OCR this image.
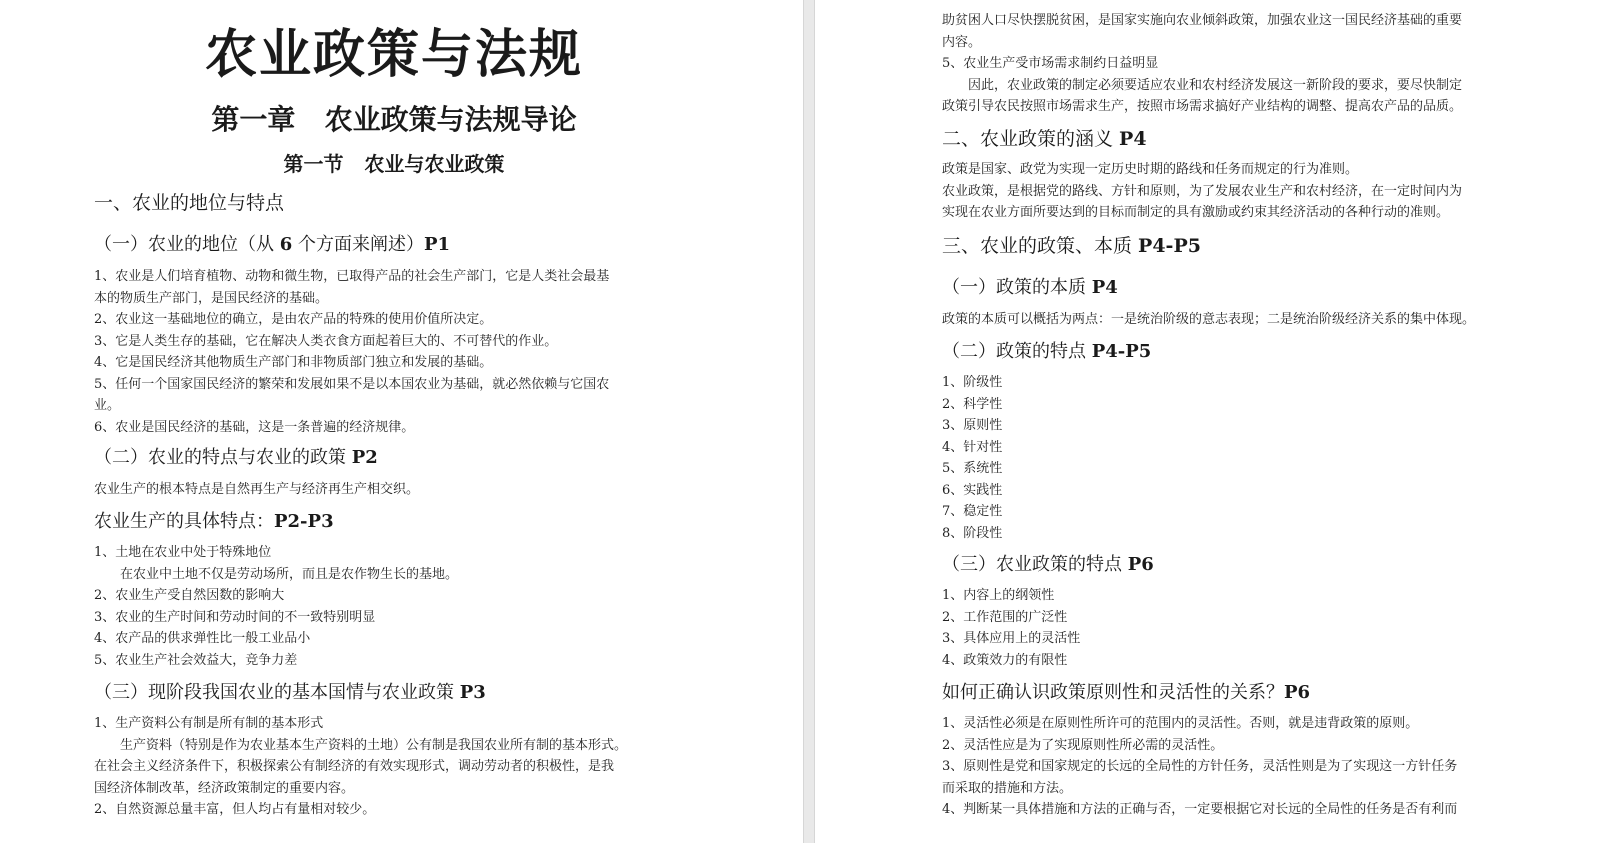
农业政策与法规
第一章   农业政策与法规导论
第一节   农业与农业政策
一、农业的地位与特点
（一）农业的地位（从 6 个方面来阐述）P1
1、农业是人们培育植物、动物和微生物，已取得产品的社会生产部门，它是人类社会最基
本的物质生产部门，是国民经济的基础。
2、农业这一基础地位的确立，是由农产品的特殊的使用价值所决定。
3、它是人类生存的基础，它在解决人类衣食方面起着巨大的、不可替代的作业。
4、它是国民经济其他物质生产部门和非物质部门独立和发展的基础。
5、任何一个国家国民经济的繁荣和发展如果不是以本国农业为基础，就必然依赖与它国农
业。
6、农业是国民经济的基础，这是一条普遍的经济规律。
（二）农业的特点与农业的政策 P2
农业生产的根本特点是自然再生产与经济再生产相交织。
农业生产的具体特点：P2-P3
1、土地在农业中处于特殊地位
在农业中土地不仅是劳动场所，而且是农作物生长的基地。
2、农业生产受自然因数的影响大
3、农业的生产时间和劳动时间的不一致特别明显
4、农产品的供求弹性比一般工业品小
5、农业生产社会效益大，竞争力差
（三）现阶段我国农业的基本国情与农业政策 P3
1、生产资料公有制是所有制的基本形式
生产资料（特别是作为农业基本生产资料的土地）公有制是我国农业所有制的基本形式。
在社会主义经济条件下，积极探索公有制经济的有效实现形式，调动劳动者的积极性，是我
国经济体制改革，经济政策制定的重要内容。
2、自然资源总量丰富，但人均占有量相对较少。
助贫困人口尽快摆脱贫困，是国家实施向农业倾斜政策，加强农业这一国民经济基础的重要
内容。
5、农业生产受市场需求制约日益明显
因此，农业政策的制定必须要适应农业和农村经济发展这一新阶段的要求，要尽快制定
政策引导农民按照市场需求生产，按照市场需求搞好产业结构的调整、提高农产品的品质。
二、农业政策的涵义 P4
政策是国家、政党为实现一定历史时期的路线和任务而规定的行为准则。
农业政策，是根据党的路线、方针和原则，为了发展农业生产和农村经济，在一定时间内为
实现在农业方面所要达到的目标而制定的具有激励或约束其经济活动的各种行动的准则。
三、农业的政策、本质 P4-P5
（一）政策的本质 P4
政策的本质可以概括为两点：一是统治阶级的意志表现；二是统治阶级经济关系的集中体现。
（二）政策的特点 P4-P5
1、阶级性
2、科学性
3、原则性
4、针对性
5、系统性
6、实践性
7、稳定性
8、阶段性
（三）农业政策的特点 P6
1、内容上的纲领性
2、工作范围的广泛性
3、具体应用上的灵活性
4、政策效力的有限性
如何正确认识政策原则性和灵活性的关系？P6
1、灵活性必须是在原则性所许可的范围内的灵活性。否则，就是违背政策的原则。
2、灵活性应是为了实现原则性所必需的灵活性。
3、原则性是党和国家规定的长远的全局性的方针任务，灵活性则是为了实现这一方针任务
而采取的措施和方法。
4、判断某一具体措施和方法的正确与否，一定要根据它对长远的全局性的任务是否有利而
